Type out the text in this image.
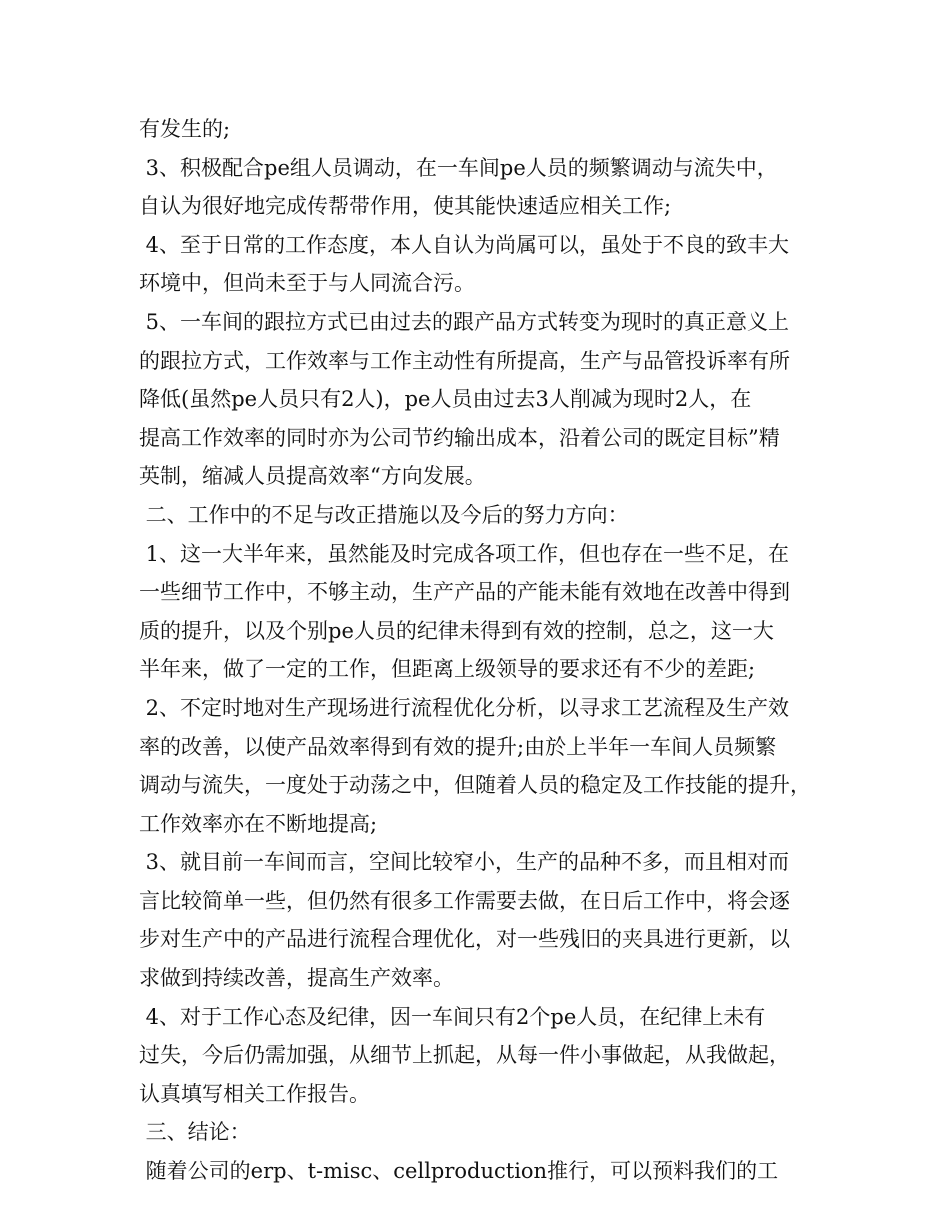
有发生的;
3、积极配合pe组人员调动，在一车间pe人员的频繁调动与流失中，
自认为很好地完成传帮带作用，使其能快速适应相关工作;
4、至于日常的工作态度，本人自认为尚属可以，虽处于不良的致丰大
环境中，但尚未至于与人同流合污。
5、一车间的跟拉方式已由过去的跟产品方式转变为现时的真正意义上
的跟拉方式，工作效率与工作主动性有所提高，生产与品管投诉率有所
降低(虽然pe人员只有2人)，pe人员由过去3人削减为现时2人，在
提高工作效率的同时亦为公司节约输出成本，沿着公司的既定目标”精
英制，缩减人员提高效率“方向发展。
二、工作中的不足与改正措施以及今后的努力方向：
1、这一大半年来，虽然能及时完成各项工作，但也存在一些不足，在
一些细节工作中，不够主动，生产产品的产能未能有效地在改善中得到
质的提升，以及个别pe人员的纪律未得到有效的控制，总之，这一大
半年来，做了一定的工作，但距离上级领导的要求还有不少的差距;
2、不定时地对生产现场进行流程优化分析，以寻求工艺流程及生产效
率的改善，以使产品效率得到有效的提升;由於上半年一车间人员频繁
调动与流失，一度处于动荡之中，但随着人员的稳定及工作技能的提升，
工作效率亦在不断地提高;
3、就目前一车间而言，空间比较窄小，生产的品种不多，而且相对而
言比较简单一些，但仍然有很多工作需要去做，在日后工作中，将会逐
步对生产中的产品进行流程合理优化，对一些残旧的夹具进行更新，以
求做到持续改善，提高生产效率。
4、对于工作心态及纪律，因一车间只有2个pe人员，在纪律上未有
过失，今后仍需加强，从细节上抓起，从每一件小事做起，从我做起，
认真填写相关工作报告。
三、结论：
随着公司的erp、t-misc、cellproduction推行，可以预料我们的工
